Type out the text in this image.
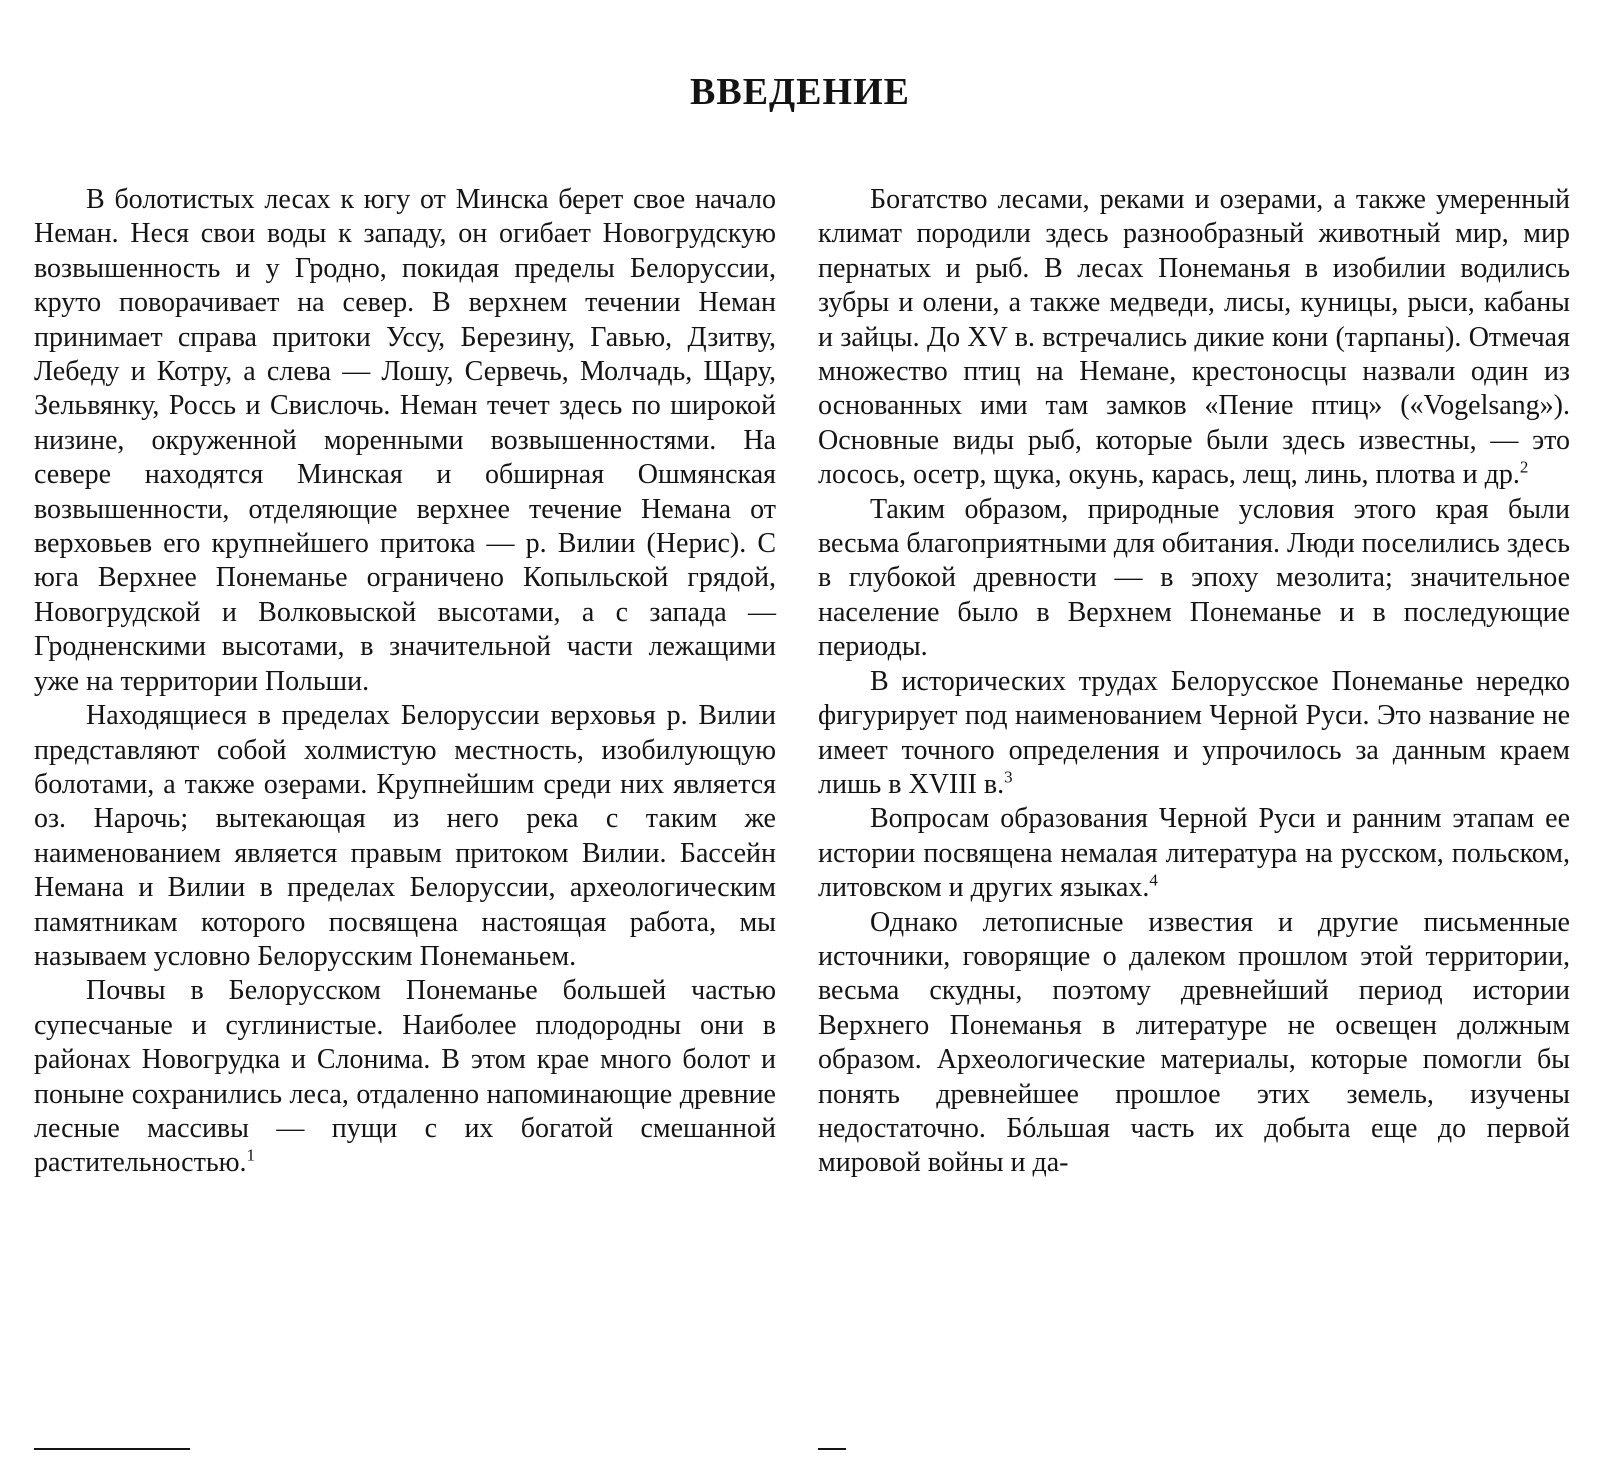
ВВЕДЕНИЕ

В болотистых лесах к югу от Минска берет свое начало Неман. Неся свои воды к западу, он огибает Новогрудскую возвышенность и у Гродно, покидая пределы Белоруссии, круто поворачивает на север. В верхнем течении Неман принимает справа притоки Уссу, Березину, Гавью, Дзитву, Лебеду и Котру, а слева — Лошу, Сервечь, Молчадь, Щару, Зельвянку, Россь и Свислочь. Неман течет здесь по широкой низине, окруженной моренными возвышенностями. На севере находятся Минская и обширная Ошмянская возвышенности, отделяющие верхнее течение Немана от верховьев его крупнейшего притока — р. Вилии (Нерис). С юга Верхнее Понеманье ограничено Копыльской грядой, Новогрудской и Волковыской высотами, а с запада — Гродненскими высотами, в значительной части лежащими уже на территории Польши.

Находящиеся в пределах Белоруссии верховья р. Вилии представляют собой холмистую местность, изобилующую болотами, а также озерами. Крупнейшим среди них является оз. Нарочь; вытекающая из него река с таким же наименованием является правым притоком Вилии. Бассейн Немана и Вилии в пределах Белоруссии, археологическим памятникам которого посвящена настоящая работа, мы называем условно Белорусским Понеманьем.

Почвы в Белорусском Понеманье большей частью супесчаные и суглинистые. Наиболее плодородны они в районах Новогрудка и Слонима. В этом крае много болот и поныне сохранились леса, отдаленно напоминающие древние лесные массивы — пущи с их богатой смешанной растительностью.$^1$

Богатство лесами, реками и озерами, а также умеренный климат породили здесь разнообразный животный мир, мир пернатых и рыб. В лесах Понеманья в изобилии водились зубры и олени, а также медведи, лисы, куницы, рыси, кабаны и зайцы. До XV в. встречались дикие кони (тарпаны). Отмечая множество птиц на Немане, крестоносцы назвали один из основанных ими там замков «Пение птиц» («Vogelsang»). Основные виды рыб, которые были здесь известны, — это лосось, осетр, щука, окунь, карась, лещ, линь, плотва и др.$^2$

Таким образом, природные условия этого края были весьма благоприятными для обитания. Люди поселились здесь в глубокой древности — в эпоху мезолита; значительное население было в Верхнем Понеманье и в последующие периоды.

В исторических трудах Белорусское Понеманье нередко фигурирует под наименованием Черной Руси. Это название не имеет точного определения и упрочилось за данным краем лишь в XVIII в.$^3$

Вопросам образования Черной Руси и ранним этапам ее истории посвящена немалая литература на русском, польском, литовском и других языках.$^4$

Однако летописные известия и другие письменные источники, говорящие о далеком прошлом этой территории, весьма скудны, поэтому древнейший период истории Верхнего Понеманья в литературе не освещен должным образом. Археологические материалы, которые помогли бы понять древнейшее прошлое этих земель, изучены недостаточно. Бóльшая часть их добыта еще до первой мировой войны и да-
